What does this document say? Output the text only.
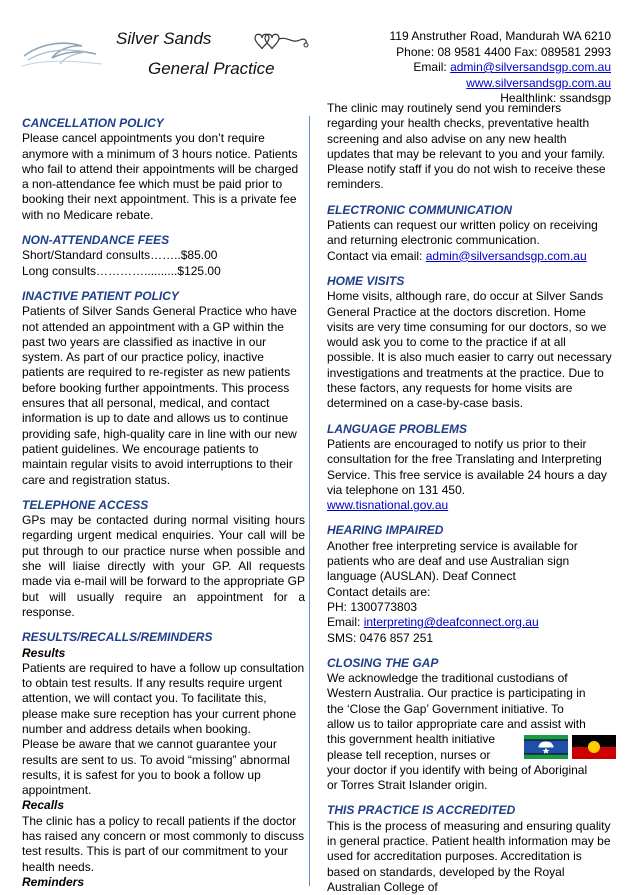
Silver Sands
General Practice
119 Anstruther Road, Mandurah WA 6210
Phone: 08 9581 4400 Fax: 089581 2993
Email: admin@silversandsgp.com.au
www.silversandsgp.com.au
Healthlink: ssandsgp
CANCELLATION POLICY

Please cancel appointments you don’t require anymore with a minimum of 3 hours notice. Patients who fail to attend their appointments will be charged a non-attendance fee which must be paid prior to booking their next appointment. This is a private fee with no Medicare rebate.

NON-ATTENDANCE FEES

Short/Standard consults……..$85.00

Long consults…………..........$125.00

INACTIVE PATIENT POLICY

Patients of Silver Sands General Practice who have not attended an appointment with a GP within the past two years are classified as inactive in our system. As part of our practice policy, inactive patients are required to re-register as new patients before booking further appointments. This process ensures that all personal, medical, and contact information is up to date and allows us to continue providing safe, high-quality care in line with our new patient guidelines. We encourage patients to maintain regular visits to avoid interruptions to their care and registration status.

TELEPHONE ACCESS

GPs may be contacted during normal visiting hours regarding urgent medical enquiries. Your call will be put through to our practice nurse when possible and she will liaise directly with your GP. All requests made via e-mail will be forward to the appropriate GP but will usually require an appointment for a response.

RESULTS/RECALLS/REMINDERS
Results

Patients are required to have a follow up consultation to obtain test results. If any results require urgent attention, we will contact you. To facilitate this, please make sure reception has your current phone number and address details when booking.

Please be aware that we cannot guarantee your results are sent to us. To avoid “missing” abnormal results, it is safest for you to book a follow up appointment.

Recalls

The clinic has a policy to recall patients if the doctor has raised any concern or most commonly to discuss test results. This is part of our commitment to your health needs.

Reminders

The clinic may routinely send you reminders regarding your health checks, preventative health screening and also advise on any new health updates that may be relevant to you and your family. Please notify staff if you do not wish to receive these reminders.

ELECTRONIC COMMUNICATION

Patients can request our written policy on receiving and returning electronic communication.

Contact via email: admin@silversandsgp.com.au

HOME VISITS

Home visits, although rare, do occur at Silver Sands General Practice at the doctors discretion. Home visits are very time consuming for our doctors, so we would ask you to come to the practice if at all possible. It is also much easier to carry out necessary investigations and treatments at the practice. Due to these factors, any requests for home visits are determined on a case-by-case basis.

LANGUAGE PROBLEMS

Patients are encouraged to notify us prior to their consultation for the free Translating and Interpreting Service. This free service is available 24 hours a day via telephone on 131 450.

www.tisnational.gov.au

HEARING IMPAIRED

Another free interpreting service is available for patients who are deaf and use Australian sign language (AUSLAN). Deaf Connect

Contact details are:

PH: 1300773803

Email: interpreting@deafconnect.org.au

SMS: 0476 857 251

CLOSING THE GAP

We acknowledge the traditional custodians of

Western Australia. Our practice is participating in

the ‘Close the Gap’ Government initiative. To

allow us to tailor appropriate care and assist with

this government health initiative

please tell reception, nurses or

your doctor if you identify with being of Aboriginal

or Torres Strait Islander origin.

THIS PRACTICE IS ACCREDITED

This is the process of measuring and ensuring quality in general practice. Patient health information may be used for accreditation purposes. Accreditation is based on standards, developed by the Royal Australian College of
